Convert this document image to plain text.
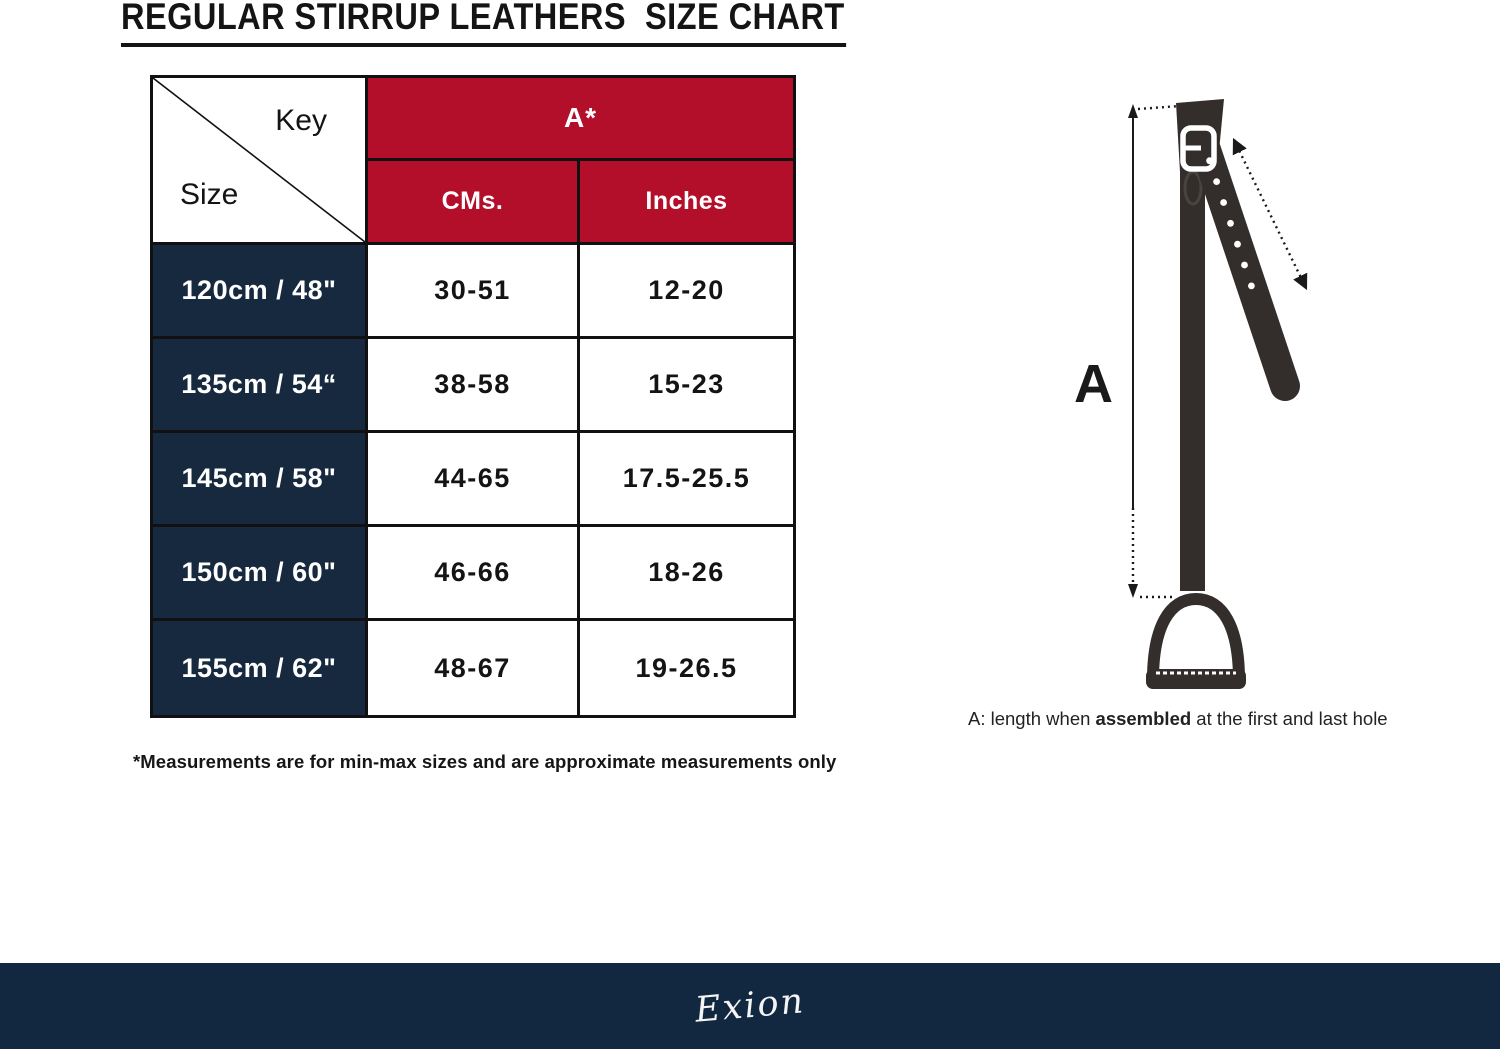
REGULAR STIRRUP LEATHERS  SIZE CHART
Key
Size
A*
CMs.	Inches
120cm / 48"	30-51	12-20
135cm / 54“	38-58	15-23
145cm / 58"	44-65	17.5-25.5
150cm / 60"	46-66	18-26
155cm / 62"	48-67	19-26.5
*Measurements are for min-max sizes and are approximate measurements only
A
A: length when assembled at the first and last hole
Exion
